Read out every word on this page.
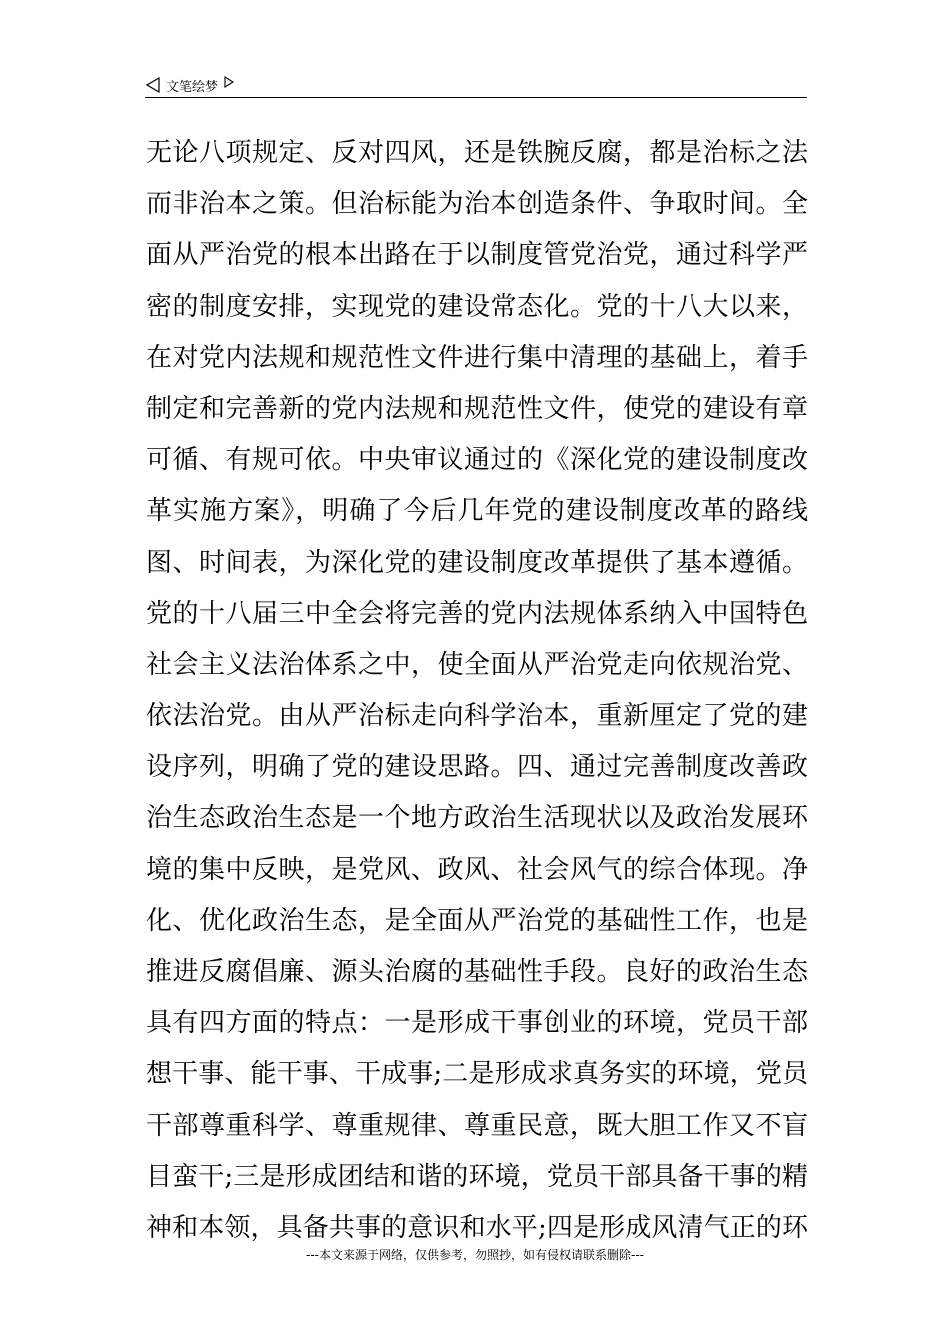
文笔绘梦
无论八项规定、反对四风，还是铁腕反腐，都是治标之法
而非治本之策。但治标能为治本创造条件、争取时间。全
面从严治党的根本出路在于以制度管党治党，通过科学严
密的制度安排，实现党的建设常态化。党的十八大以来，
在对党内法规和规范性文件进行集中清理的基础上，着手
制定和完善新的党内法规和规范性文件，使党的建设有章
可循、有规可依。中央审议通过的《深化党的建设制度改
革实施方案》，明确了今后几年党的建设制度改革的路线
图、时间表，为深化党的建设制度改革提供了基本遵循。
党的十八届三中全会将完善的党内法规体系纳入中国特色
社会主义法治体系之中，使全面从严治党走向依规治党、
依法治党。由从严治标走向科学治本，重新厘定了党的建
设序列，明确了党的建设思路。四、通过完善制度改善政
治生态政治生态是一个地方政治生活现状以及政治发展环
境的集中反映，是党风、政风、社会风气的综合体现。净
化、优化政治生态，是全面从严治党的基础性工作，也是
推进反腐倡廉、源头治腐的基础性手段。良好的政治生态
具有四方面的特点：一是形成干事创业的环境，党员干部
想干事、能干事、干成事;二是形成求真务实的环境，党员
干部尊重科学、尊重规律、尊重民意，既大胆工作又不盲
目蛮干;三是形成团结和谐的环境，党员干部具备干事的精
神和本领，具备共事的意识和水平;四是形成风清气正的环
---本文来源于网络，仅供参考，勿照抄，如有侵权请联系删除---
